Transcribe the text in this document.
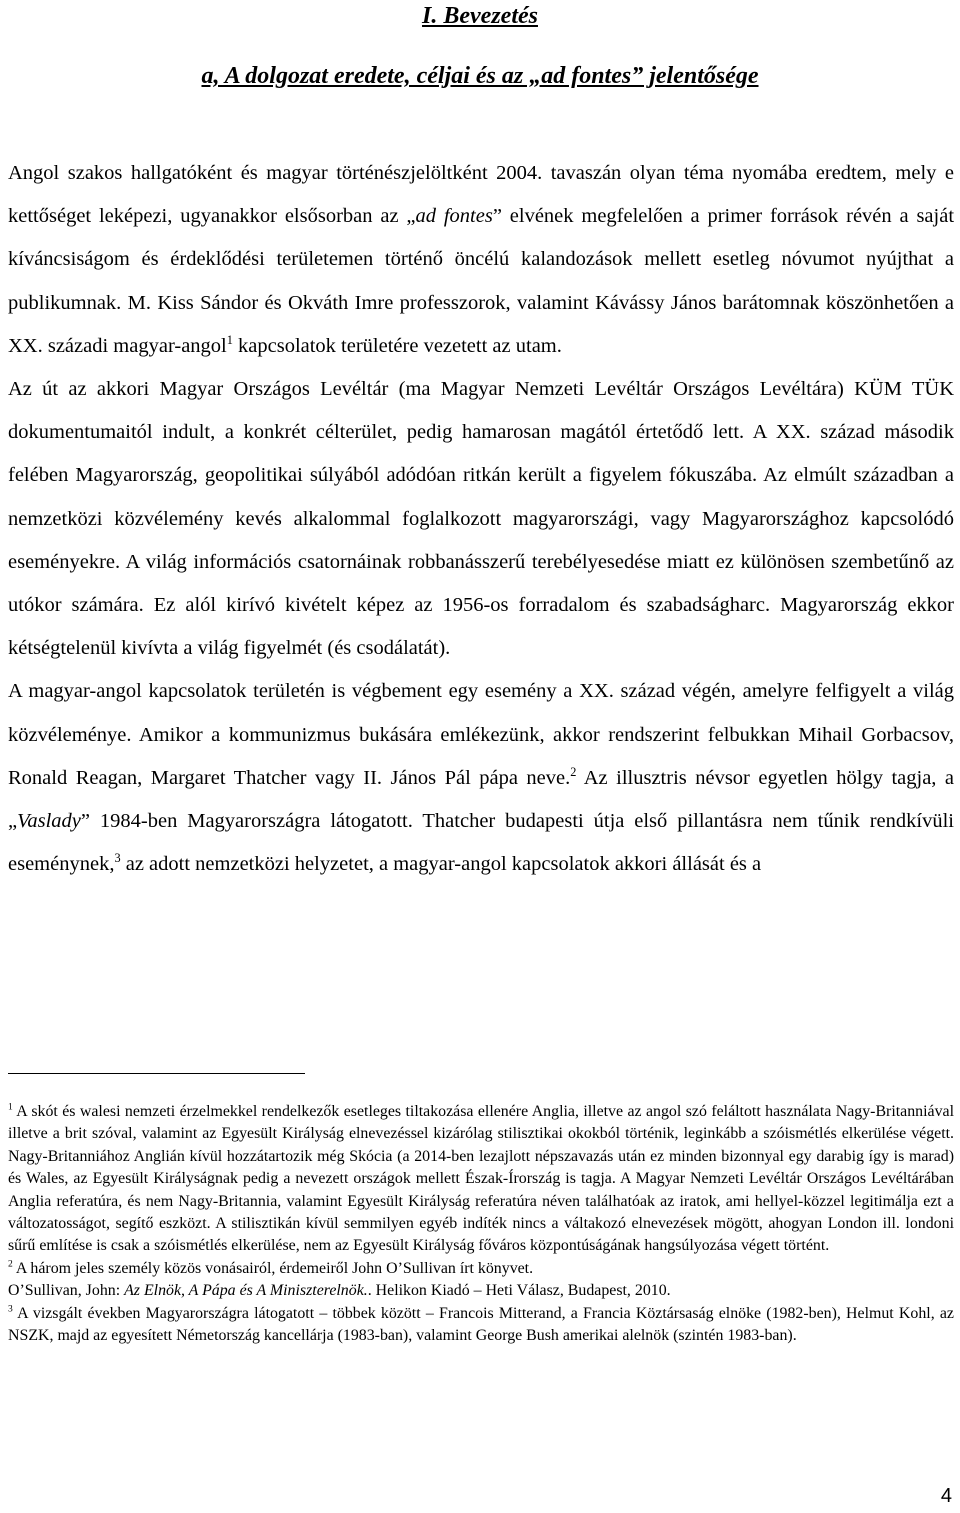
I. Bevezetés
a, A dolgozat eredete, céljai és az „ad fontes” jelentősége

Angol szakos hallgatóként és magyar történészjelöltként 2004. tavaszán olyan téma nyomába eredtem, mely e kettőséget leképezi, ugyanakkor elsősorban az „ad fontes” elvének megfelelően a primer források révén a saját kíváncsiságom és érdeklődési területemen történő öncélú kalandozások mellett esetleg nóvumot nyújthat a publikumnak. M. Kiss Sándor és Okváth Imre professzorok, valamint Kávássy János barátomnak köszönhetően a XX. századi magyar-angol$^1$ kapcsolatok területére vezetett az utam.

Az út az akkori Magyar Országos Levéltár (ma Magyar Nemzeti Levéltár Országos Levéltára) KÜM TÜK dokumentumaitól indult, a konkrét célterület, pedig hamarosan magától értetődő lett. A XX. század második felében Magyarország, geopolitikai súlyából adódóan ritkán került a figyelem fókuszába. Az elmúlt században a nemzetközi közvélemény kevés alkalommal foglalkozott magyarországi, vagy Magyarországhoz kapcsolódó eseményekre. A világ információs csatornáinak robbanásszerű terebélyesedése miatt ez különösen szembetűnő az utókor számára. Ez alól kirívó kivételt képez az 1956-os forradalom és szabadságharc. Magyarország ekkor kétségtelenül kivívta a világ figyelmét (és csodálatát).

A magyar-angol kapcsolatok területén is végbement egy esemény a XX. század végén, amelyre felfigyelt a világ közvéleménye. Amikor a kommunizmus bukására emlékezünk, akkor rendszerint felbukkan Mihail Gorbacsov, Ronald Reagan, Margaret Thatcher vagy II. János Pál pápa neve.$^2$ Az illusztris névsor egyetlen hölgy tagja, a „Vaslady” 1984-ben Magyarországra látogatott. Thatcher budapesti útja első pillantásra nem tűnik rendkívüli eseménynek,$^3$ az adott nemzetközi helyzetet, a magyar-angol kapcsolatok akkori állását és a

$^1$ A skót és walesi nemzeti érzelmekkel rendelkezők esetleges tiltakozása ellenére Anglia, illetve az angol szó feláltott használata Nagy-Britanniával illetve a brit szóval, valamint az Egyesült Királyság elnevezéssel kizárólag stilisztikai okokból történik, leginkább a szóismétlés elkerülése végett. Nagy-Britanniához Anglián kívül hozzátartozik még Skócia (a 2014-ben lezajlott népszavazás után ez minden bizonnyal egy darabig így is marad) és Wales, az Egyesült Királyságnak pedig a nevezett országok mellett Észak-Írország is tagja. A Magyar Nemzeti Levéltár Országos Levéltárában Anglia referatúra, és nem Nagy-Britannia, valamint Egyesült Királyság referatúra néven találhatóak az iratok, ami hellyel-közzel legitimálja ezt a változatosságot, segítő eszközt. A stilisztikán kívül semmilyen egyéb indíték nincs a váltakozó elnevezések mögött, ahogyan London ill. londoni sűrű említése is csak a szóismétlés elkerülése, nem az Egyesült Királyság főváros központúságának hangsúlyozása végett történt.

$^2$ A három jeles személy közös vonásairól, érdemeiről John O’Sullivan írt könyvet.

O’Sullivan, John: Az Elnök, A Pápa és A Miniszterelnök.. Helikon Kiadó – Heti Válasz, Budapest, 2010.

$^3$ A vizsgált években Magyarországra látogatott – többek között – Francois Mitterand, a Francia Köztársaság elnöke (1982-ben), Helmut Kohl, az NSZK, majd az egyesített Németország kancellárja (1983-ban), valamint George Bush amerikai alelnök (szintén 1983-ban).

4
